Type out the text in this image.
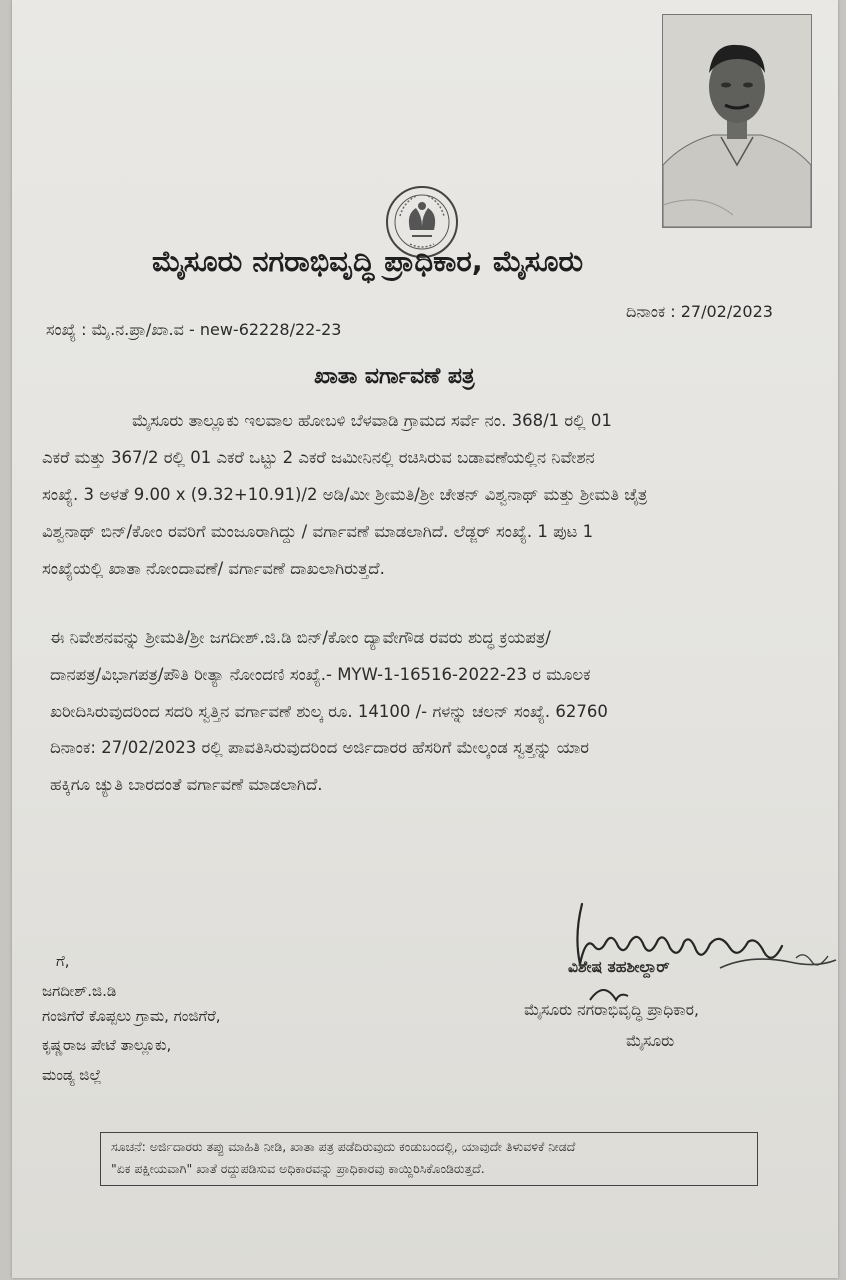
ಮೈಸೂರು ನಗರಾಭಿವೃದ್ಧಿ ಪ್ರಾಧಿಕಾರ, ಮೈಸೂರು
ಸಂಖ್ಯೆ : ಮೈ.ನ.ಪ್ರಾ/ಖಾ.ವ - new-62228/22-23
ದಿನಾಂಕ : 27/02/2023
ಖಾತಾ ವರ್ಗಾವಣೆ ಪತ್ರ
ಮೈಸೂರು ತಾಲ್ಲೂಕು ಇಲವಾಲ ಹೋಬಳಿ ಬೆಳವಾಡಿ ಗ್ರಾಮದ ಸರ್ವೆ ನಂ. 368/1 ರಲ್ಲಿ 01
ಎಕರೆ ಮತ್ತು 367/2 ರಲ್ಲಿ 01 ಎಕರೆ ಒಟ್ಟು 2 ಎಕರೆ ಜಮೀನಿನಲ್ಲಿ ರಚಿಸಿರುವ ಬಡಾವಣೆಯಲ್ಲಿನ ನಿವೇಶನ
ಸಂಖ್ಯೆ. 3 ಅಳತೆ 9.00 x (9.32+10.91)/2 ಅಡಿ/ಮೀ ಶ್ರೀಮತಿ/ಶ್ರೀ ಚೇತನ್ ವಿಶ್ವನಾಥ್ ಮತ್ತು ಶ್ರೀಮತಿ ಚೈತ್ರ
ವಿಶ್ವನಾಥ್ ಬಿನ್/ಕೋಂ ರವರಿಗೆ ಮಂಜೂರಾಗಿದ್ದು / ವರ್ಗಾವಣೆ ಮಾಡಲಾಗಿದೆ. ಲೆಡ್ಜರ್ ಸಂಖ್ಯೆ. 1 ಪುಟ 1
ಸಂಖ್ಯೆಯಲ್ಲಿ ಖಾತಾ ನೋಂದಾವಣೆ/ ವರ್ಗಾವಣೆ ದಾಖಲಾಗಿರುತ್ತದೆ.
ಈ ನಿವೇಶನವನ್ನು ಶ್ರೀಮತಿ/ಶ್ರೀ ಜಗದೀಶ್.ಜಿ.ಡಿ ಬಿನ್/ಕೋಂ ದ್ಯಾವೇಗೌಡ ರವರು ಶುದ್ಧ ಕ್ರಯಪತ್ರ/
ದಾನಪತ್ರ/ವಿಭಾಗಪತ್ರ/ಪೌತಿ ರೀತ್ಯಾ ನೋಂದಣಿ ಸಂಖ್ಯೆ.- MYW-1-16516-2022-23 ರ ಮೂಲಕ
ಖರೀದಿಸಿರುವುದರಿಂದ ಸದರಿ ಸ್ವತ್ತಿನ ವರ್ಗಾವಣೆ ಶುಲ್ಕ ರೂ. 14100 /- ಗಳನ್ನು ಚಲನ್ ಸಂಖ್ಯೆ. 62760
ದಿನಾಂಕ: 27/02/2023 ರಲ್ಲಿ ಪಾವತಿಸಿರುವುದರಿಂದ ಅರ್ಜಿದಾರರ ಹೆಸರಿಗೆ ಮೇಲ್ಕಂಡ ಸ್ವತ್ತನ್ನು ಯಾರ
ಹಕ್ಕಿಗೂ ಚ್ಯುತಿ ಬಾರದಂತೆ ವರ್ಗಾವಣೆ ಮಾಡಲಾಗಿದೆ.
ವಿಶೇಷ ತಹಶೀಲ್ದಾರ್
ಮೈಸೂರು ನಗರಾಭಿವೃದ್ಧಿ ಪ್ರಾಧಿಕಾರ,
ಮೈಸೂರು
ಗೆ,
ಜಗದೀಶ್.ಜಿ.ಡಿ
ಗಂಜಿಗೆರೆ ಕೊಪ್ಪಲು ಗ್ರಾಮ, ಗಂಜಿಗೆರೆ,
ಕೃಷ್ಣರಾಜ ಪೇಟೆ ತಾಲ್ಲೂಕು,
ಮಂಡ್ಯ ಜಿಲ್ಲೆ
ಸೂಚನೆ: ಅರ್ಜಿದಾರರು ತಪ್ಪು ಮಾಹಿತಿ ನೀಡಿ, ಖಾತಾ ಪತ್ರ ಪಡೆದಿರುವುದು ಕಂಡುಬಂದಲ್ಲಿ, ಯಾವುದೇ ತಿಳುವಳಿಕೆ ನೀಡದೆ
"ಏಕ ಪಕ್ಷೀಯವಾಗಿ" ಖಾತೆ ರದ್ದುಪಡಿಸುವ ಅಧಿಕಾರವನ್ನು ಪ್ರಾಧಿಕಾರವು ಕಾಯ್ದಿರಿಸಿಕೊಂಡಿರುತ್ತದೆ.
